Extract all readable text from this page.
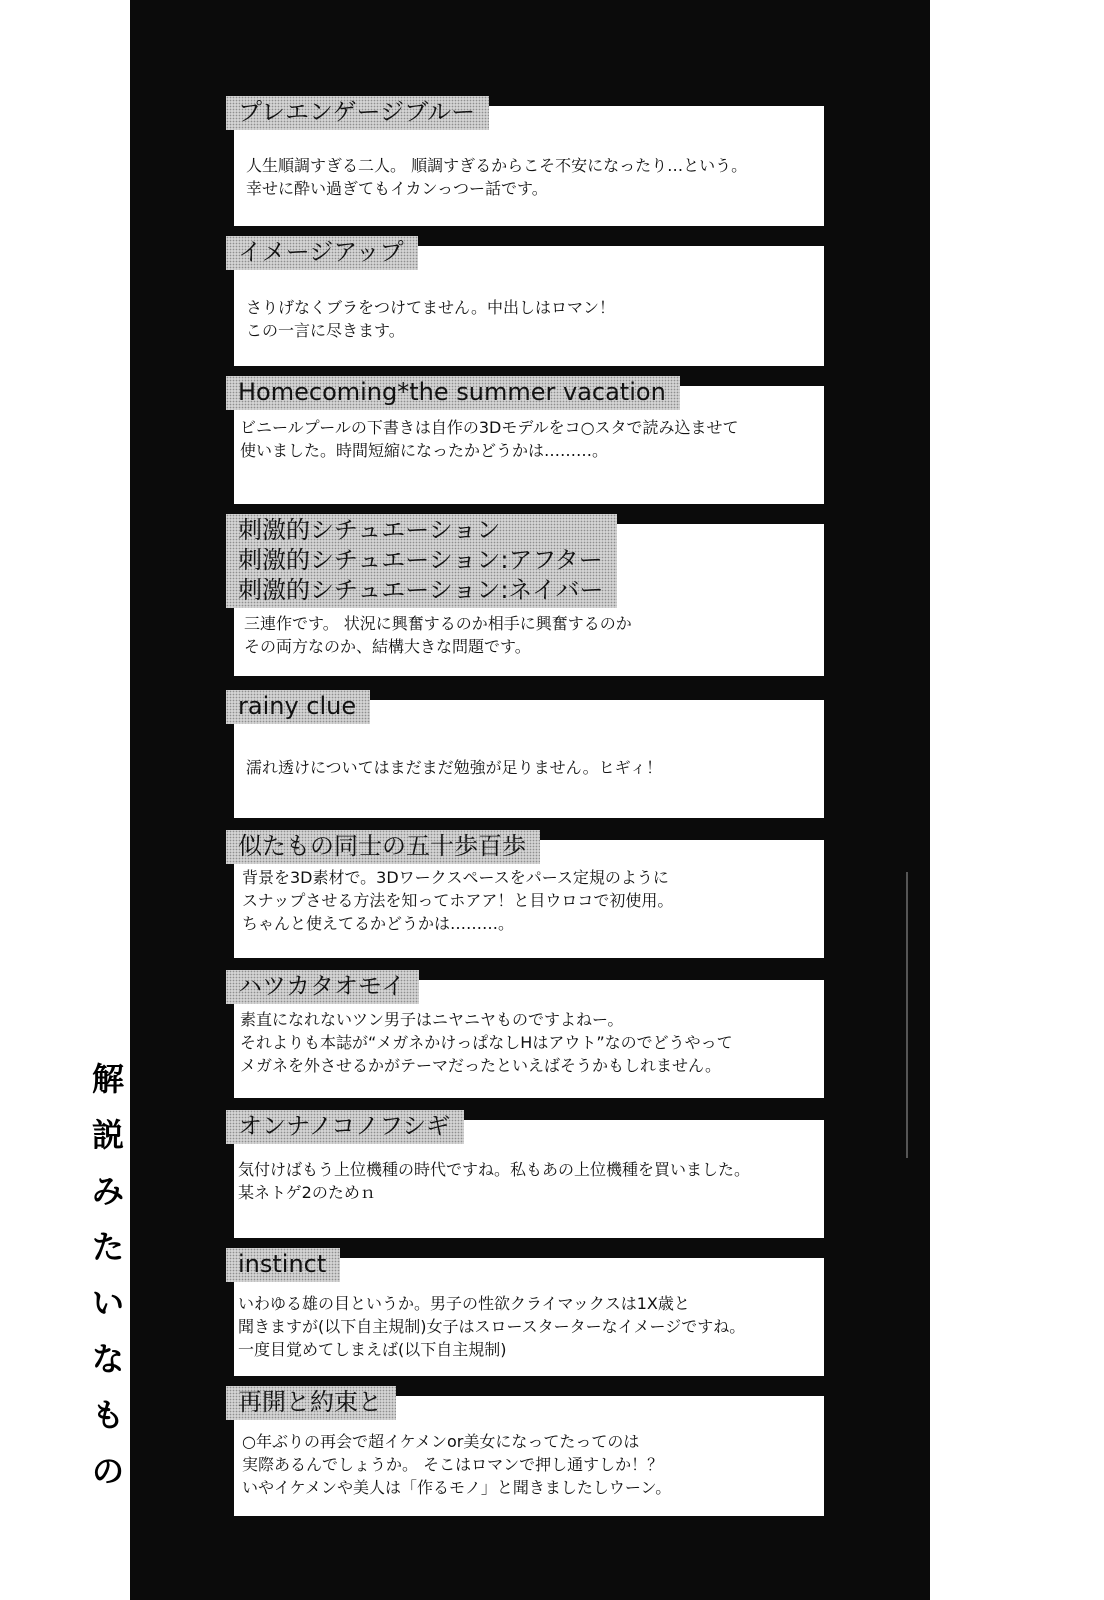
解
説
み
た
い
な
も
の
プレエンゲージブルー
人生順調すぎる二人。 順調すぎるからこそ不安になったり…という。
幸せに酔い過ぎてもイカンっつー話です。
イメージアップ
さりげなくブラをつけてません。中出しはロマン！
この一言に尽きます。
Homecoming*the summer vacation
ビニールプールの下書きは自作の3Dモデルをコ○スタで読み込ませて
使いました。時間短縮になったかどうかは………。
刺激的シチュエーション
刺激的シチュエーション:アフター
刺激的シチュエーション:ネイバー
三連作です。 状況に興奮するのか相手に興奮するのか
その両方なのか、結構大きな問題です。
rainy clue
濡れ透けについてはまだまだ勉強が足りません。ヒギィ！
似たもの同士の五十歩百歩
背景を3D素材で。3Dワークスペースをパース定規のように
スナップさせる方法を知ってホアア！と目ウロコで初使用。
ちゃんと使えてるかどうかは………。
ハツカタオモイ
素直になれないツン男子はニヤニヤものですよねー。
それよりも本誌が“メガネかけっぱなしHはアウト”なのでどうやって
メガネを外させるかがテーマだったといえばそうかもしれません。
オンナノコノフシギ
気付けばもう上位機種の時代ですね。私もあの上位機種を買いました。
某ネトゲ2のためｎ
instinct
いわゆる雄の目というか。男子の性欲クライマックスは1X歳と
聞きますが(以下自主規制)女子はスロースターターなイメージですね。
一度目覚めてしまえば(以下自主規制)
再開と約束と
○年ぶりの再会で超イケメンor美女になってたってのは
実際あるんでしょうか。 そこはロマンで押し通すしか！？
いやイケメンや美人は「作るモノ」と聞きましたしウーン。
